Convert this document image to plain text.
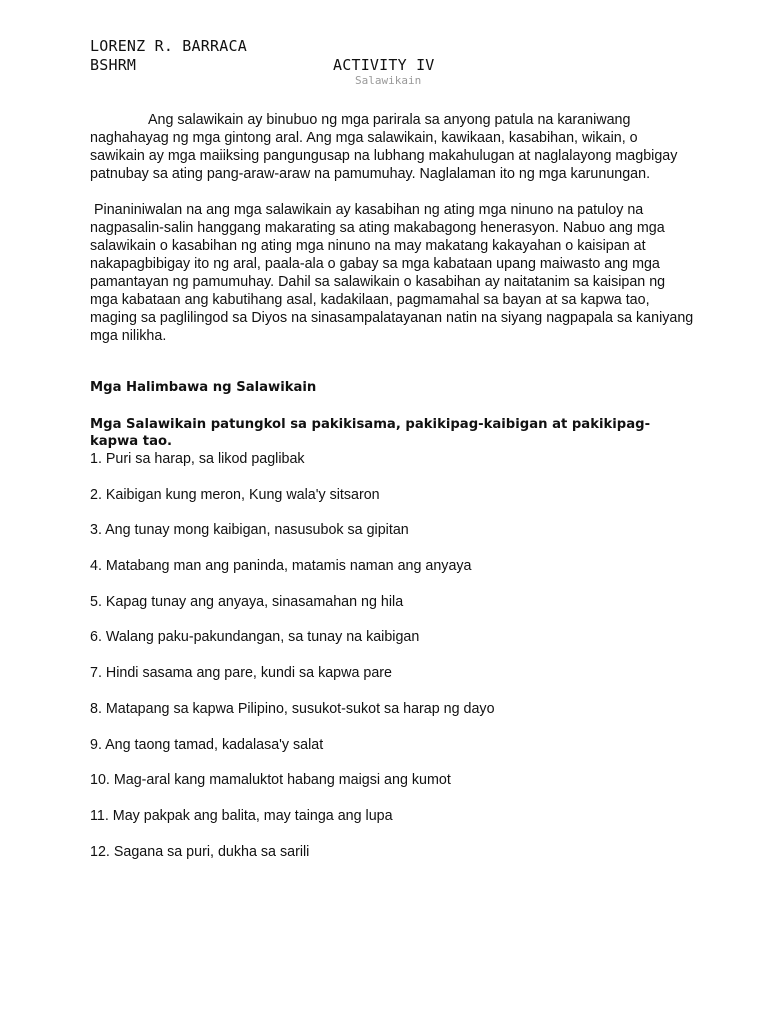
LORENZ R. BARRACA

BSHRM	ACTIVITY IV

Salawikain

Ang salawikain ay binubuo ng mga parirala sa anyong patula na karaniwang naghahayag ng mga gintong aral. Ang mga salawikain, kawikaan, kasabihan, wikain, o sawikain ay mga maiiksing pangungusap na lubhang makahulugan at naglalayong magbigay patnubay sa ating pang-araw-araw na pamumuhay. Naglalaman ito ng mga karunungan.

Pinaniniwalan na ang mga salawikain ay kasabihan ng ating mga ninuno na patuloy na nagpasalin-salin hanggang makarating sa ating makabagong henerasyon. Nabuo ang mga salawikain o kasabihan ng ating mga ninuno na may makatang kakayahan o kaisipan at nakapagbibigay ito ng aral, paala-ala o gabay sa mga kabataan upang maiwasto ang mga pamantayan ng pamumuhay. Dahil sa salawikain o kasabihan ay naitatanim sa kaisipan ng mga kabataan ang kabutihang asal, kadakilaan, pagmamahal sa bayan at sa kapwa tao, maging sa paglilingod sa Diyos na sinasampalatayanan natin na siyang nagpapala sa kaniyang mga nilikha.

Mga Halimbawa ng Salawikain

Mga Salawikain patungkol sa pakikisama, pakikipag-kaibigan at pakikipag-kapwa tao.

1. Puri sa harap, sa likod paglibak
2. Kaibigan kung meron, Kung wala'y sitsaron
3. Ang tunay mong kaibigan, nasusubok sa gipitan
4. Matabang man ang paninda, matamis naman ang anyaya
5. Kapag tunay ang anyaya, sinasamahan ng hila
6. Walang paku-pakundangan, sa tunay na kaibigan
7. Hindi sasama ang pare, kundi sa kapwa pare
8. Matapang sa kapwa Pilipino, susukot-sukot sa harap ng dayo
9. Ang taong tamad, kadalasa'y salat
10. Mag-aral kang mamaluktot habang maigsi ang kumot
11. May pakpak ang balita, may tainga ang lupa
12. Sagana sa puri, dukha sa sarili
